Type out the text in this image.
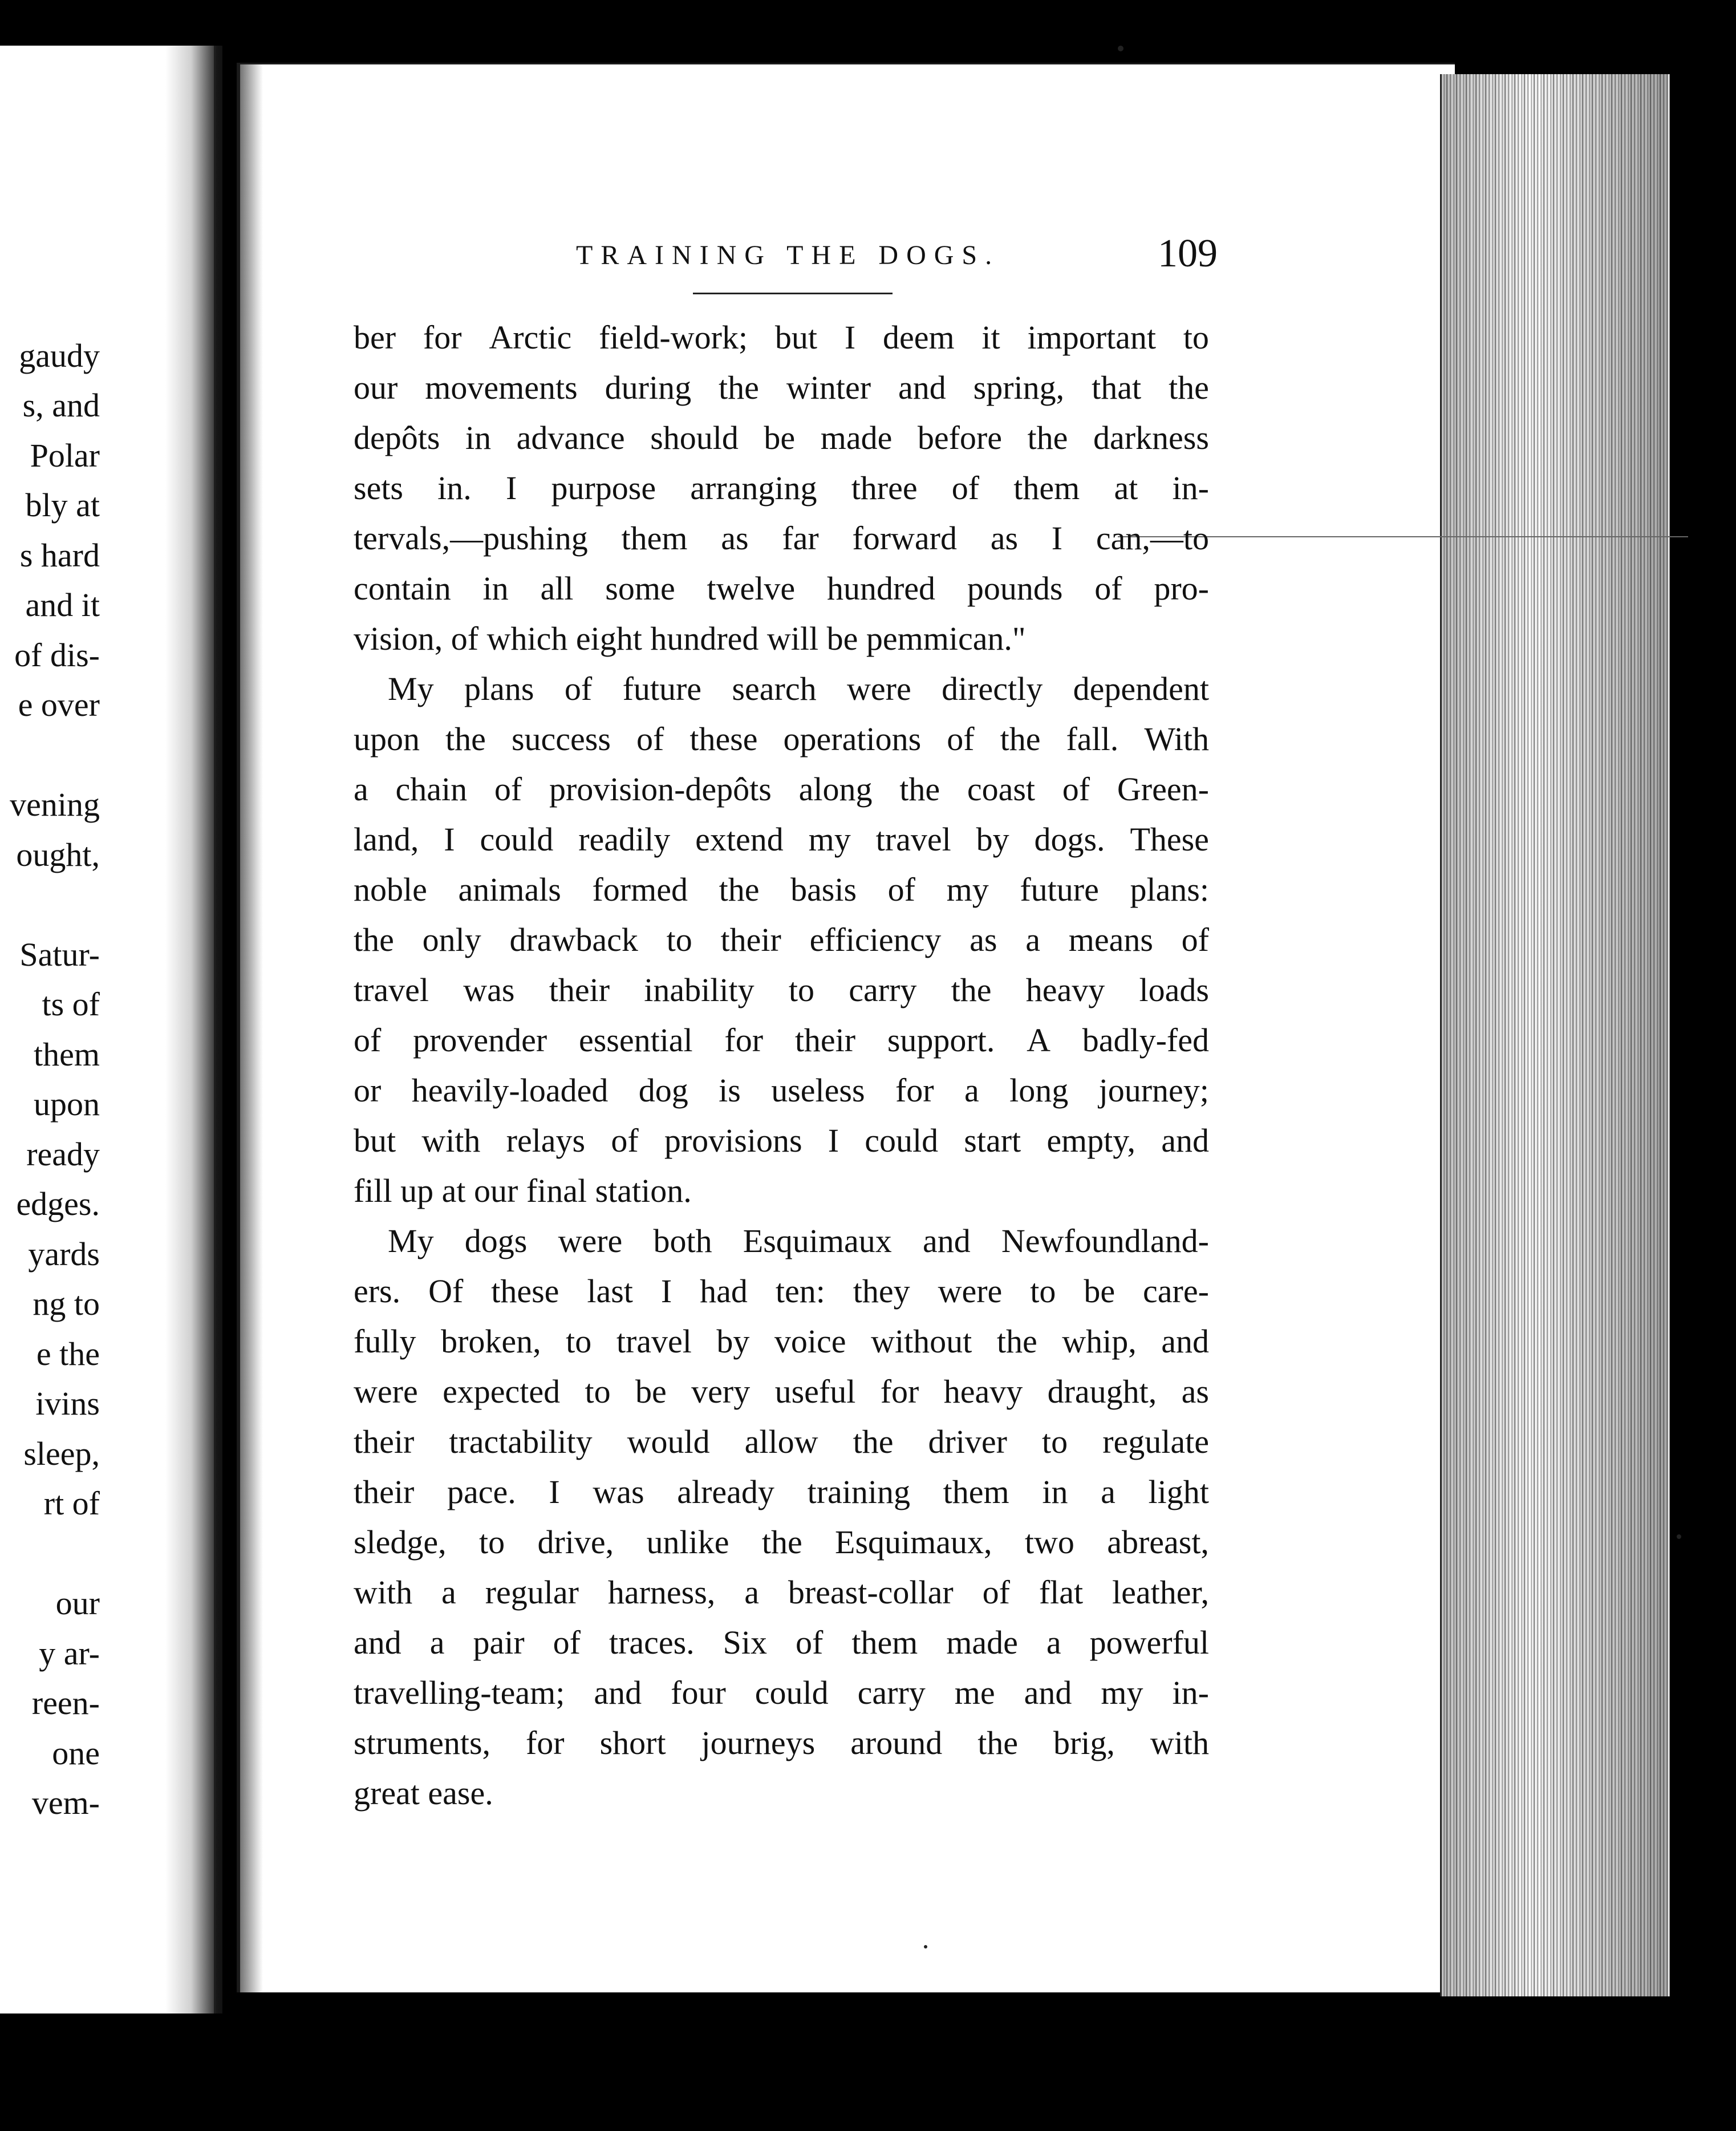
gaudy
s, and
Polar
bly at
s hard
and it
of dis-
e over
vening
ought,
Satur-
ts of
them
upon
ready
edges.
yards
ng to
e the
ivins
sleep,
rt of
our
y ar-
reen-
one
vem-
TRAINING THE DOGS.	109
ber for Arctic field-work; but I deem it important to
our movements during the winter and spring, that the
depôts in advance should be made before the darkness
sets in. I purpose arranging three of them at in-
tervals,—pushing them as far forward as I can,—to
contain in all some twelve hundred pounds of pro-
vision, of which eight hundred will be pemmican."
My plans of future search were directly dependent
upon the success of these operations of the fall. With
a chain of provision-depôts along the coast of Green-
land, I could readily extend my travel by dogs. These
noble animals formed the basis of my future plans:
the only drawback to their efficiency as a means of
travel was their inability to carry the heavy loads
of provender essential for their support. A badly-fed
or heavily-loaded dog is useless for a long journey;
but with relays of provisions I could start empty, and
fill up at our final station.
My dogs were both Esquimaux and Newfoundland-
ers. Of these last I had ten: they were to be care-
fully broken, to travel by voice without the whip, and
were expected to be very useful for heavy draught, as
their tractability would allow the driver to regulate
their pace. I was already training them in a light
sledge, to drive, unlike the Esquimaux, two abreast,
with a regular harness, a breast-collar of flat leather,
and a pair of traces. Six of them made a powerful
travelling-team; and four could carry me and my in-
struments, for short journeys around the brig, with
great ease.
